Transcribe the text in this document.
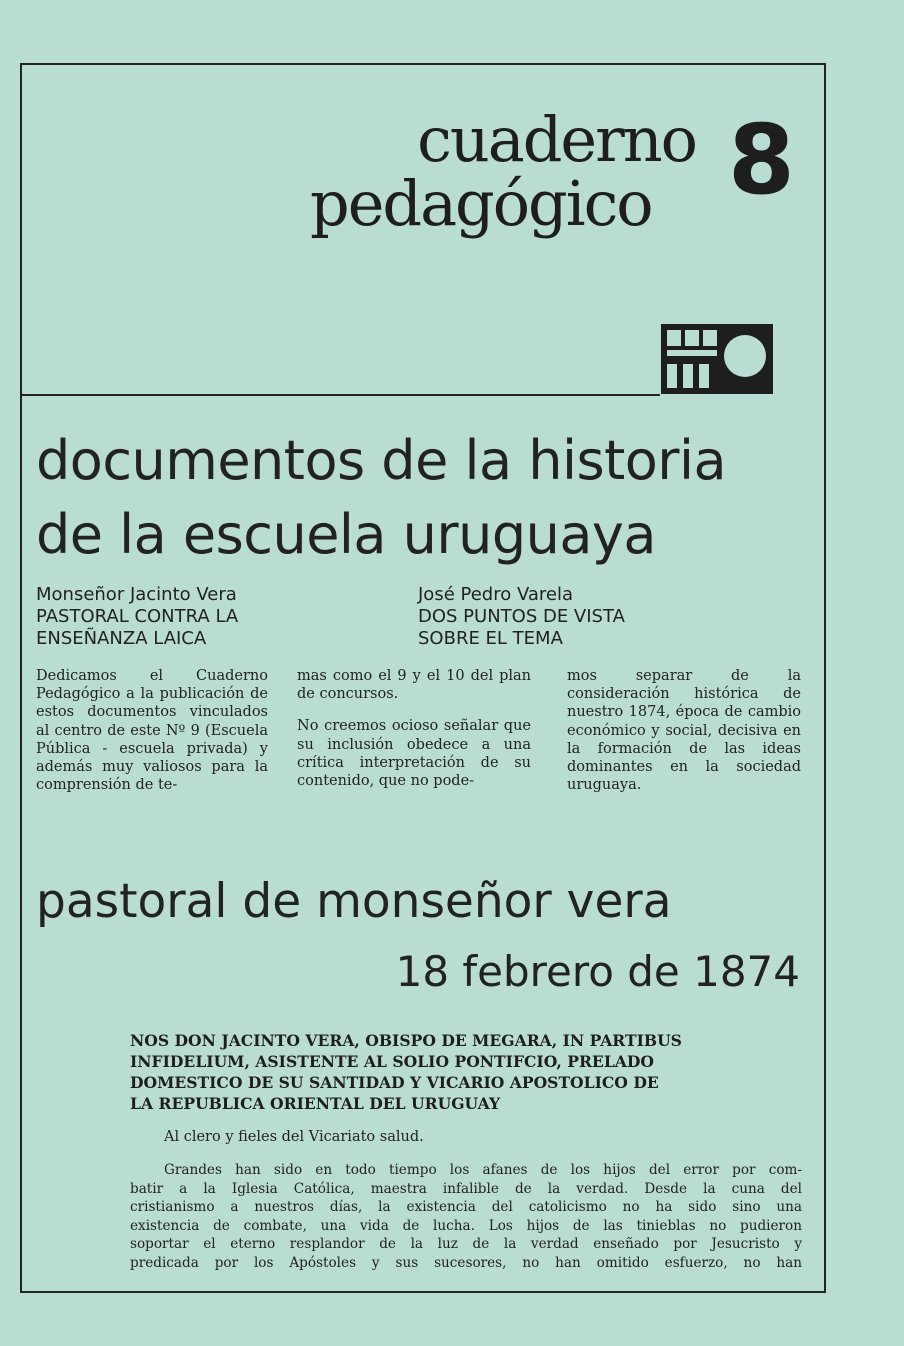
cuaderno
pedagógico 8
documentos de la historia
de la escuela uruguaya
Monseñor Jacinto Vera
PASTORAL CONTRA LA
ENSEÑANZA LAICA
José Pedro Varela
DOS PUNTOS DE VISTA
SOBRE EL TEMA

Dedicamos el Cuaderno Pedagógico a la publicación de estos documentos vinculados al centro de este Nº 9 (Escuela Pública - escuela privada) y además muy valiosos para la comprensión de te-

mas como el 9 y el 10 del plan de concursos.

No creemos ocioso señalar que su inclusión obedece a una crítica interpretación de su contenido, que no pode-

mos separar de la consideración histórica de nuestro 1874, época de cambio económico y social, decisiva en la formación de las ideas dominantes en la sociedad uruguaya.

pastoral de monseñor vera
18 febrero de 1874
NOS DON JACINTO VERA, OBISPO DE MEGARA, IN PARTIBUS
INFIDELIUM, ASISTENTE AL SOLIO PONTIFCIO, PRELADO
DOMESTICO DE SU SANTIDAD Y VICARIO APOSTOLICO DE
LA REPUBLICA ORIENTAL DEL URUGUAY
Al clero y fieles del Vicariato salud.
Grandes han sido en todo tiempo los afanes de los hijos del error por com-
batir a la Iglesia Católica, maestra infalible de la verdad. Desde la cuna del
cristianismo a nuestros días, la existencia del catolicismo no ha sido sino una
existencia de combate, una vida de lucha. Los hijos de las tinieblas no pudieron
soportar el eterno resplandor de la luz de la verdad enseñado por Jesucristo y
predicada por los Apóstoles y sus sucesores, no han omitido esfuerzo, no han
